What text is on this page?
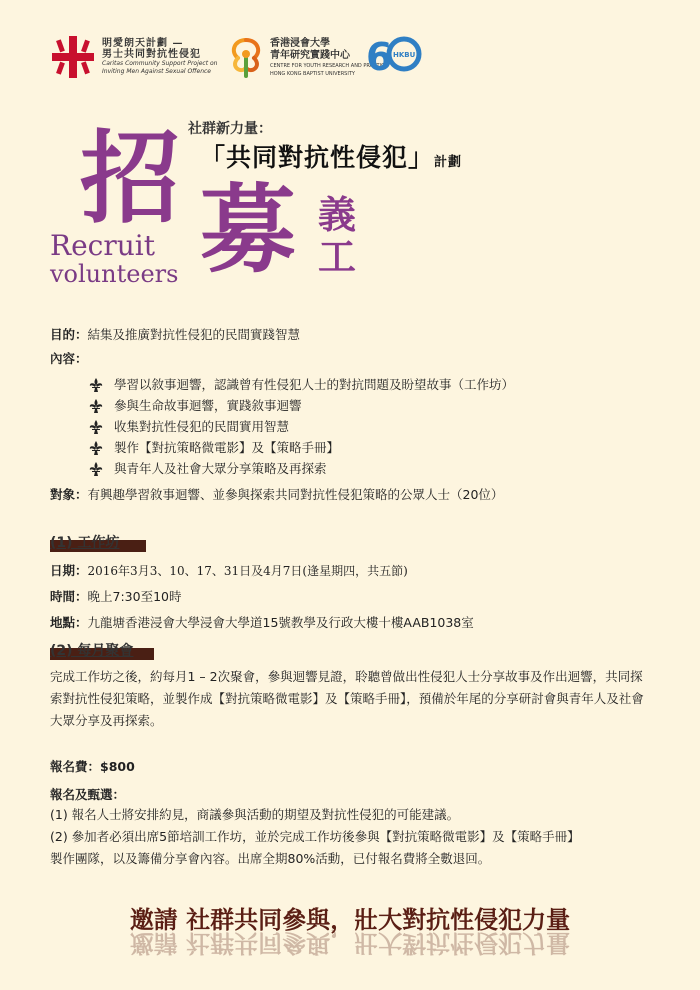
明愛朗天計劃 —
男士共同對抗性侵犯
Caritas Community Support Project on
Inviting Men Against Sexual Offence
香港浸會大學
青年研究實踐中心
CENTRE FOR YOUTH RESEARCH AND PRACTICE
HONG KONG BAPTIST UNIVERSITY 6 HKBU
社群新力量：
「共同對抗性侵犯」計劃
招 募 義
工
Recruit
volunteers
目的：結集及推廣對抗性侵犯的民間實踐智慧
內容：
學習以敘事迴響，認識曾有性侵犯人士的對抗問題及盼望故事（工作坊）
參與生命故事迴響，實踐敘事迴響
收集對抗性侵犯的民間實用智慧
製作【對抗策略微電影】及【策略手冊】
與青年人及社會大眾分享策略及再探索
對象：有興趣學習敘事迴響、並參與探索共同對抗性侵犯策略的公眾人士（20位）
(1) 工作坊
日期：2016年3月3、10、17、31日及4月7日(逢星期四，共五節)
時間：晚上7:30至10時
地點：九龍塘香港浸會大學浸會大學道15號教學及行政大樓十樓AAB1038室
(2) 每月聚會
完成工作坊之後，約每月1 – 2次聚會，參與迴響見證，聆聽曾做出性侵犯人士分享故事及作出迴響，共同探索對抗性侵犯策略，並製作成【對抗策略微電影】及【策略手冊】，預備於年尾的分享研討會與青年人及社會大眾分享及再探索。
報名費：$800
報名及甄選：
(1) 報名人士將安排約見，商議參與活動的期望及對抗性侵犯的可能建議。
(2) 參加者必須出席5節培訓工作坊，並於完成工作坊後參與【對抗策略微電影】及【策略手冊】
製作團隊，以及籌備分享會內容。出席全期80%活動，已付報名費將全數退回。
邀請 社群共同參與，壯大對抗性侵犯力量
邀請 社群共同參與，壯大對抗性侵犯力量
